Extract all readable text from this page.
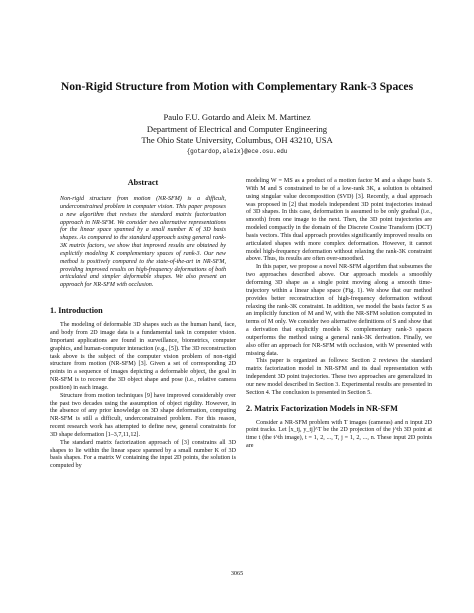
Non-Rigid Structure from Motion with Complementary Rank-3 Spaces
Paulo F.U. Gotardo and Aleix M. Martinez
Department of Electrical and Computer Engineering
The Ohio State University, Columbus, OH 43210, USA
{gotardop,aleix}@ece.osu.edu
Abstract

Non-rigid structure from motion (NR-SFM) is a difficult, underconstrained problem in computer vision. This paper proposes a new algorithm that revises the standard matrix factorization approach in NR-SFM. We consider two alternative representations for the linear space spanned by a small number K of 3D basis shapes. As compared to the standard approach using general rank-3K matrix factors, we show that improved results are obtained by explicitly modeling K complementary spaces of rank-3. Our new method is positively compared to the state-of-the-art in NR-SFM, providing improved results on high-frequency deformations of both articulated and simpler deformable shapes. We also present an approach for NR-SFM with occlusion.

1. Introduction

The modeling of deformable 3D shapes such as the human hand, face, and body from 2D image data is a fundamental task in computer vision. Important applications are found in surveillance, biometrics, computer graphics, and human-computer interaction (e.g., [5]). The 3D reconstruction task above is the subject of the computer vision problem of non-rigid structure from motion (NR-SFM) [3]. Given a set of corresponding 2D points in a sequence of images depicting a deformable object, the goal in NR-SFM is to recover the 3D object shape and pose (i.e., relative camera position) in each image.

Structure from motion techniques [9] have improved considerably over the past two decades using the assumption of object rigidity. However, in the absence of any prior knowledge on 3D shape deformation, computing NR-SFM is still a difficult, underconstrained problem. For this reason, recent research work has attempted to define new, general constraints for 3D shape deformation [1–3,7,11,12].

The standard matrix factorization approach of [3] constrains all 3D shapes to lie within the linear space spanned by a small number K of 3D basis shapes. For a matrix W containing the input 2D points, the solution is computed by

modeling W = MS as a product of a motion factor M and a shape basis S. With M and S constrained to be of a low-rank 3K, a solution is obtained using singular value decomposition (SVD) [3]. Recently, a dual approach was proposed in [2] that models independent 3D point trajectories instead of 3D shapes. In this case, deformation is assumed to be only gradual (i.e., smooth) from one image to the next. Then, the 3D point trajectories are modeled compactly in the domain of the Discrete Cosine Transform (DCT) basis vectors. This dual approach provides significantly improved results on articulated shapes with more complex deformation. However, it cannot model high-frequency deformation without relaxing the rank-3K constraint above. Thus, its results are often over-smoothed.

In this paper, we propose a novel NR-SFM algorithm that subsumes the two approaches described above. Our approach models a smoothly deforming 3D shape as a single point moving along a smooth time-trajectory within a linear shape space (Fig. 1). We show that our method provides better reconstruction of high-frequency deformation without relaxing the rank-3K constraint. In addition, we model the basis factor S as an implicitly function of M and W, with the NR-SFM solution computed in terms of M only. We consider two alternative definitions of S and show that a derivation that explicitly models K complementary rank-3 spaces outperforms the method using a general rank-3K derivation. Finally, we also offer an approach for NR-SFM with occlusion, with W presented with missing data.

This paper is organized as follows: Section 2 reviews the standard matrix factorization model in NR-SFM and its dual representation with independent 3D point trajectories. These two approaches are generalized in our new model described in Section 3. Experimental results are presented in Section 4. The conclusion is presented in Section 5.

2. Matrix Factorization Models in NR-SFM

Consider a NR-SFM problem with T images (cameras) and n input 2D point tracks. Let [x_tj, y_tj]^T be the 2D projection of the j^th 3D point at time t (the t^th image), t = 1, 2, ..., T, j = 1, 2, ..., n. These input 2D points are

3065
